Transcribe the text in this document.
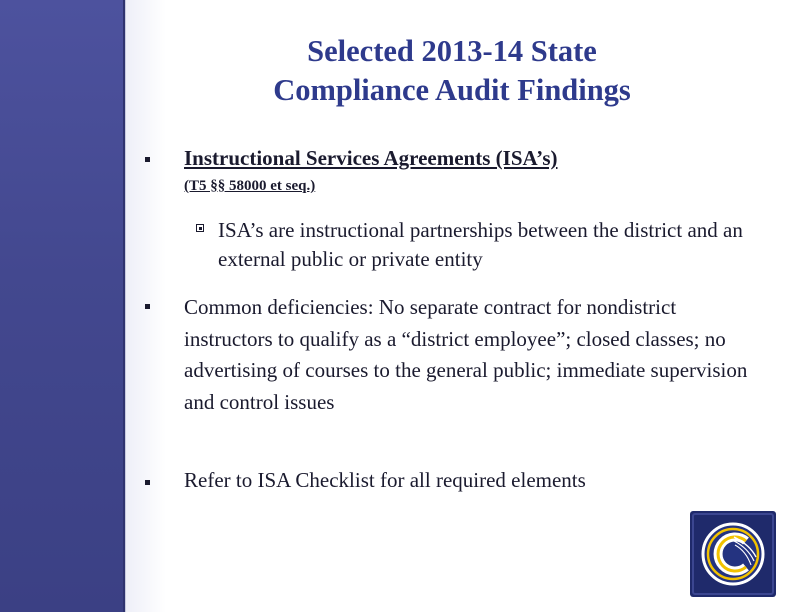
Selected 2013-14 State
Compliance Audit Findings
Instructional Services Agreements (ISA’s)
(T5 §§ 58000 et seq.)
ISA’s are instructional partnerships between the district and an external public or private entity
Common deficiencies: No separate contract for nondistrict instructors to qualify as a “district employee”; closed classes; no advertising of courses to the general public; immediate supervision and control issues
Refer to ISA Checklist for all required elements
